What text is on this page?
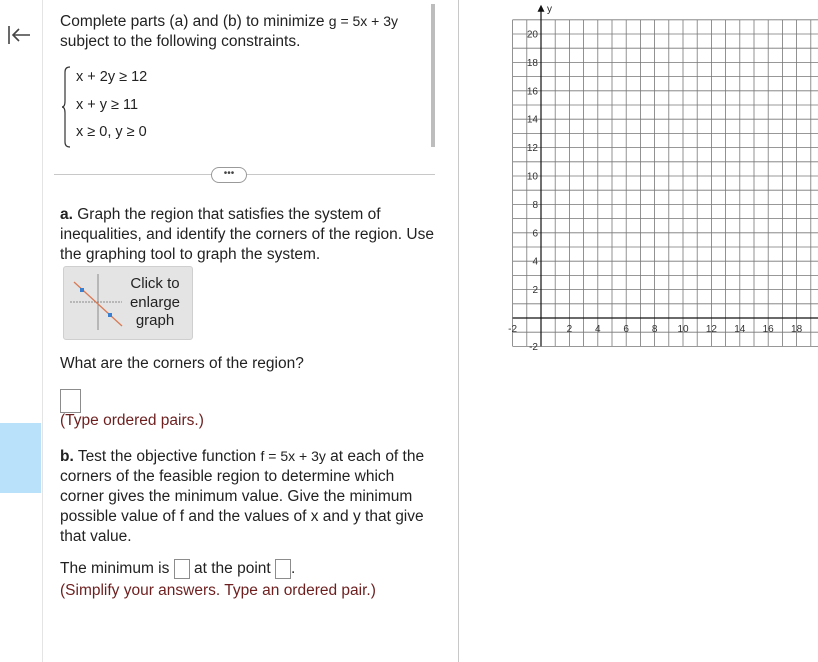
Complete parts (a) and (b) to minimize g = 5x + 3y
subject to the following constraints.
x + 2y ≥ 12
x + y ≥ 11
x ≥ 0, y ≥ 0
•••
a. Graph the region that satisfies the system of inequalities, and identify the corners of the region. Use the graphing tool to graph the system.
Click to
enlarge
graph
What are the corners of the region?
(Type ordered pairs.)
b. Test the objective function f = 5x + 3y at each of the corners of the feasible region to determine which corner gives the minimum value. Give the minimum possible value of f and the values of x and y that give that value.
The minimum is at the point .
(Simplify your answers. Type an ordered pair.)
y
-2	2 4 6 8 10 12 14 16 18
20
18
16
14
12
10
8
6
4
2
-2
